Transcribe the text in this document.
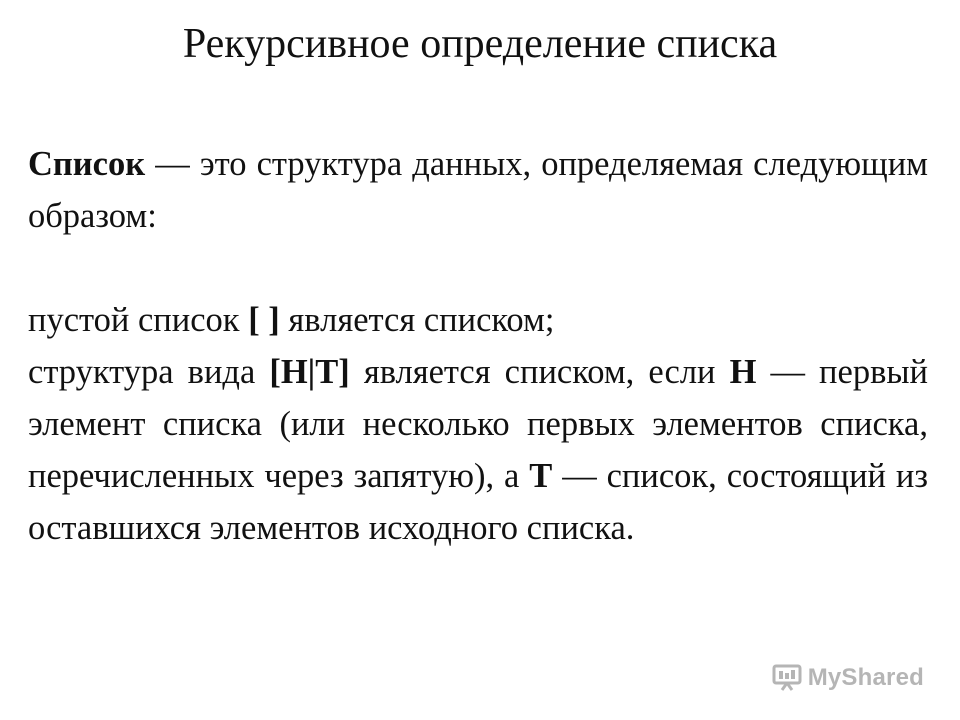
Рекурсивное определение списка

Список — это структура данных, определяемая следующим образом:

пустой список [ ] является списком;

структура вида [H|T] является списком, если H — первый элемент списка (или несколько первых элементов списка, перечисленных через запятую), а T — список, состоящий из оставшихся элементов исходного списка.

MyShared
